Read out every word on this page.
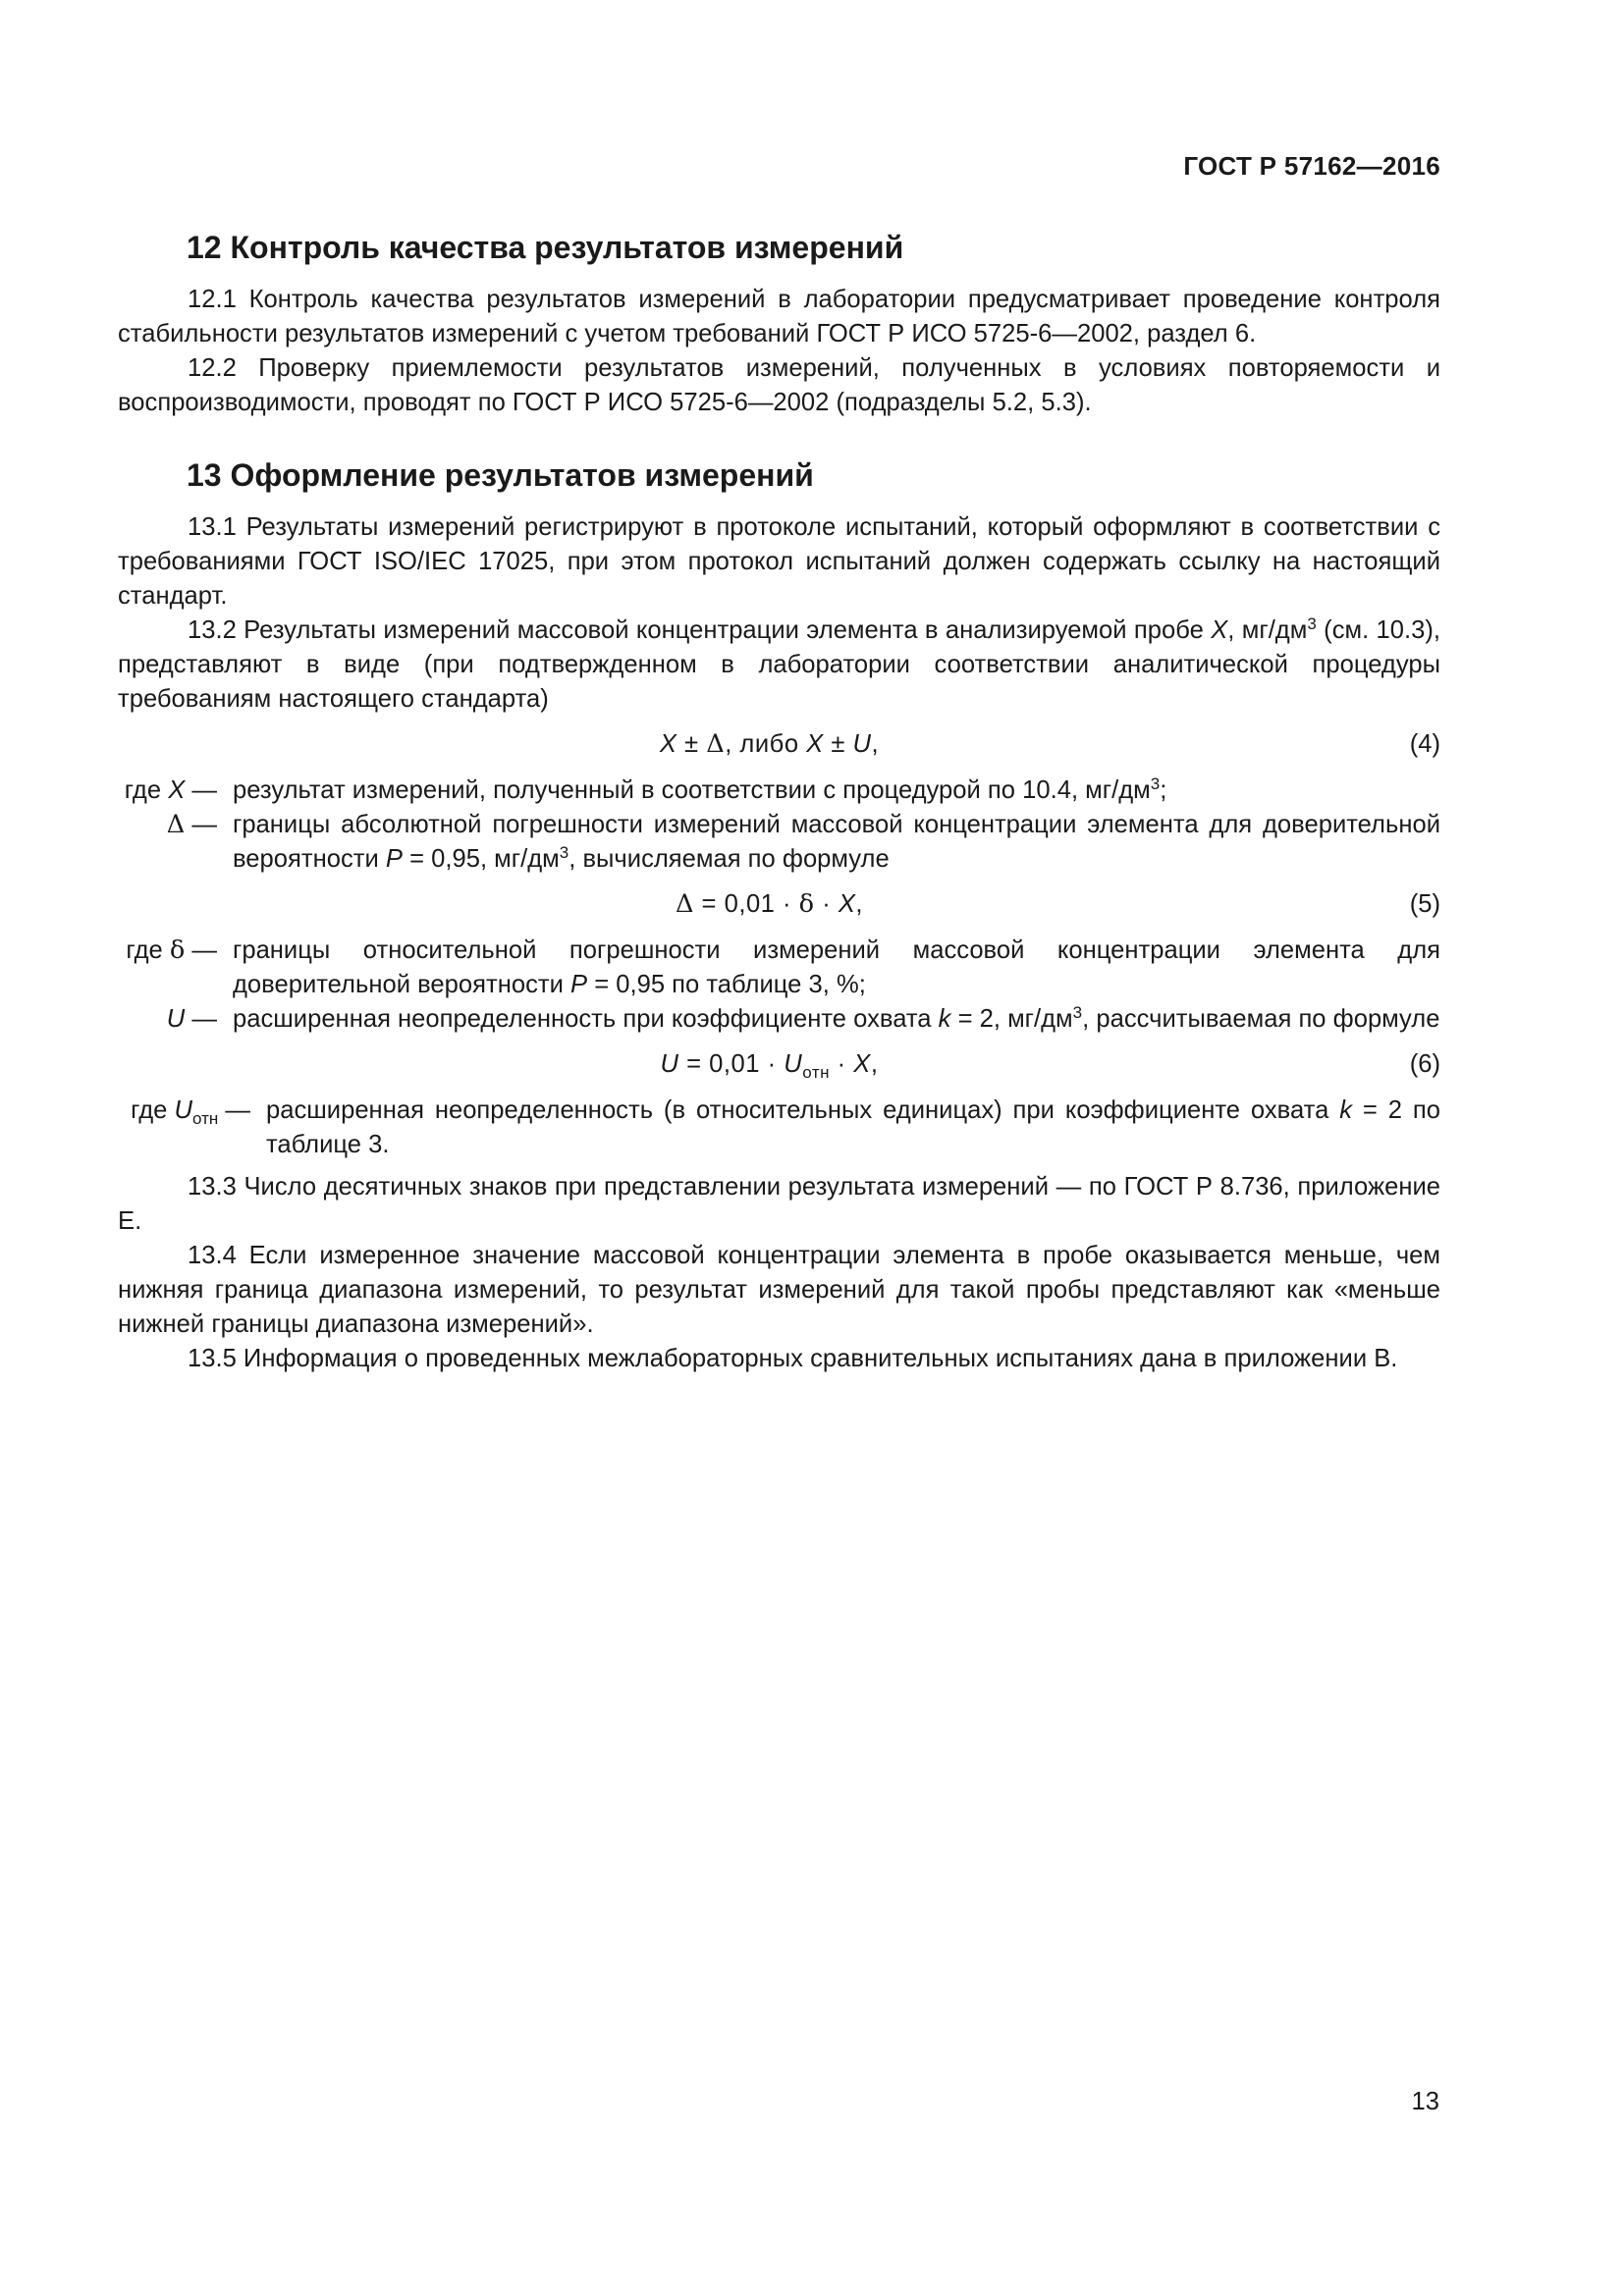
ГОСТ Р 57162—2016
12 Контроль качества результатов измерений

12.1 Контроль качества результатов измерений в лаборатории предусматривает проведение контроля стабильности результатов измерений с учетом требований ГОСТ Р ИСО 5725-6—2002, раздел 6.

12.2 Проверку приемлемости результатов измерений, полученных в условиях повторяемости и воспроизводимости, проводят по ГОСТ Р ИСО 5725-6—2002 (подразделы 5.2, 5.3).

13 Оформление результатов измерений

13.1 Результаты измерений регистрируют в протоколе испытаний, который оформляют в соответствии с требованиями ГОСТ ISO/IEC 17025, при этом протокол испытаний должен содержать ссылку на настоящий стандарт.

13.2 Результаты измерений массовой концентрации элемента в анализируемой пробе X, $мг/дм^3$ (см. 10.3), представляют в виде (при подтвержденном в лаборатории соответствии аналитической процедуры требованиям настоящего стандарта)

X ± Δ, либо X ± U,	(4)
где X — результат измерений, полученный в соответствии с процедурой по 10.4, $мг/дм^3$;
Δ — границы абсолютной погрешности измерений массовой концентрации элемента для доверительной вероятности P = 0,95, $мг/дм^3$, вычисляемая по формуле
Δ = 0,01 · δ · X,	(5)
где δ — границы относительной погрешности измерений массовой концентрации элемента для доверительной вероятности P = 0,95 по таблице 3, %;
U — расширенная неопределенность при коэффициенте охвата k = 2, $мг/дм^3$, рассчитываемая по формуле
$U = 0,01 \cdot U_{отн} \cdot X$,	(6)
где $U_{отн}$ — расширенная неопределенность (в относительных единицах) при коэффициенте охвата k = 2 по таблице 3.

13.3 Число десятичных знаков при представлении результата измерений — по ГОСТ Р 8.736, приложение Е.

13.4 Если измеренное значение массовой концентрации элемента в пробе оказывается меньше, чем нижняя граница диапазона измерений, то результат измерений для такой пробы представляют как «меньше нижней границы диапазона измерений».

13.5 Информация о проведенных межлабораторных сравнительных испытаниях дана в приложении В.

13
